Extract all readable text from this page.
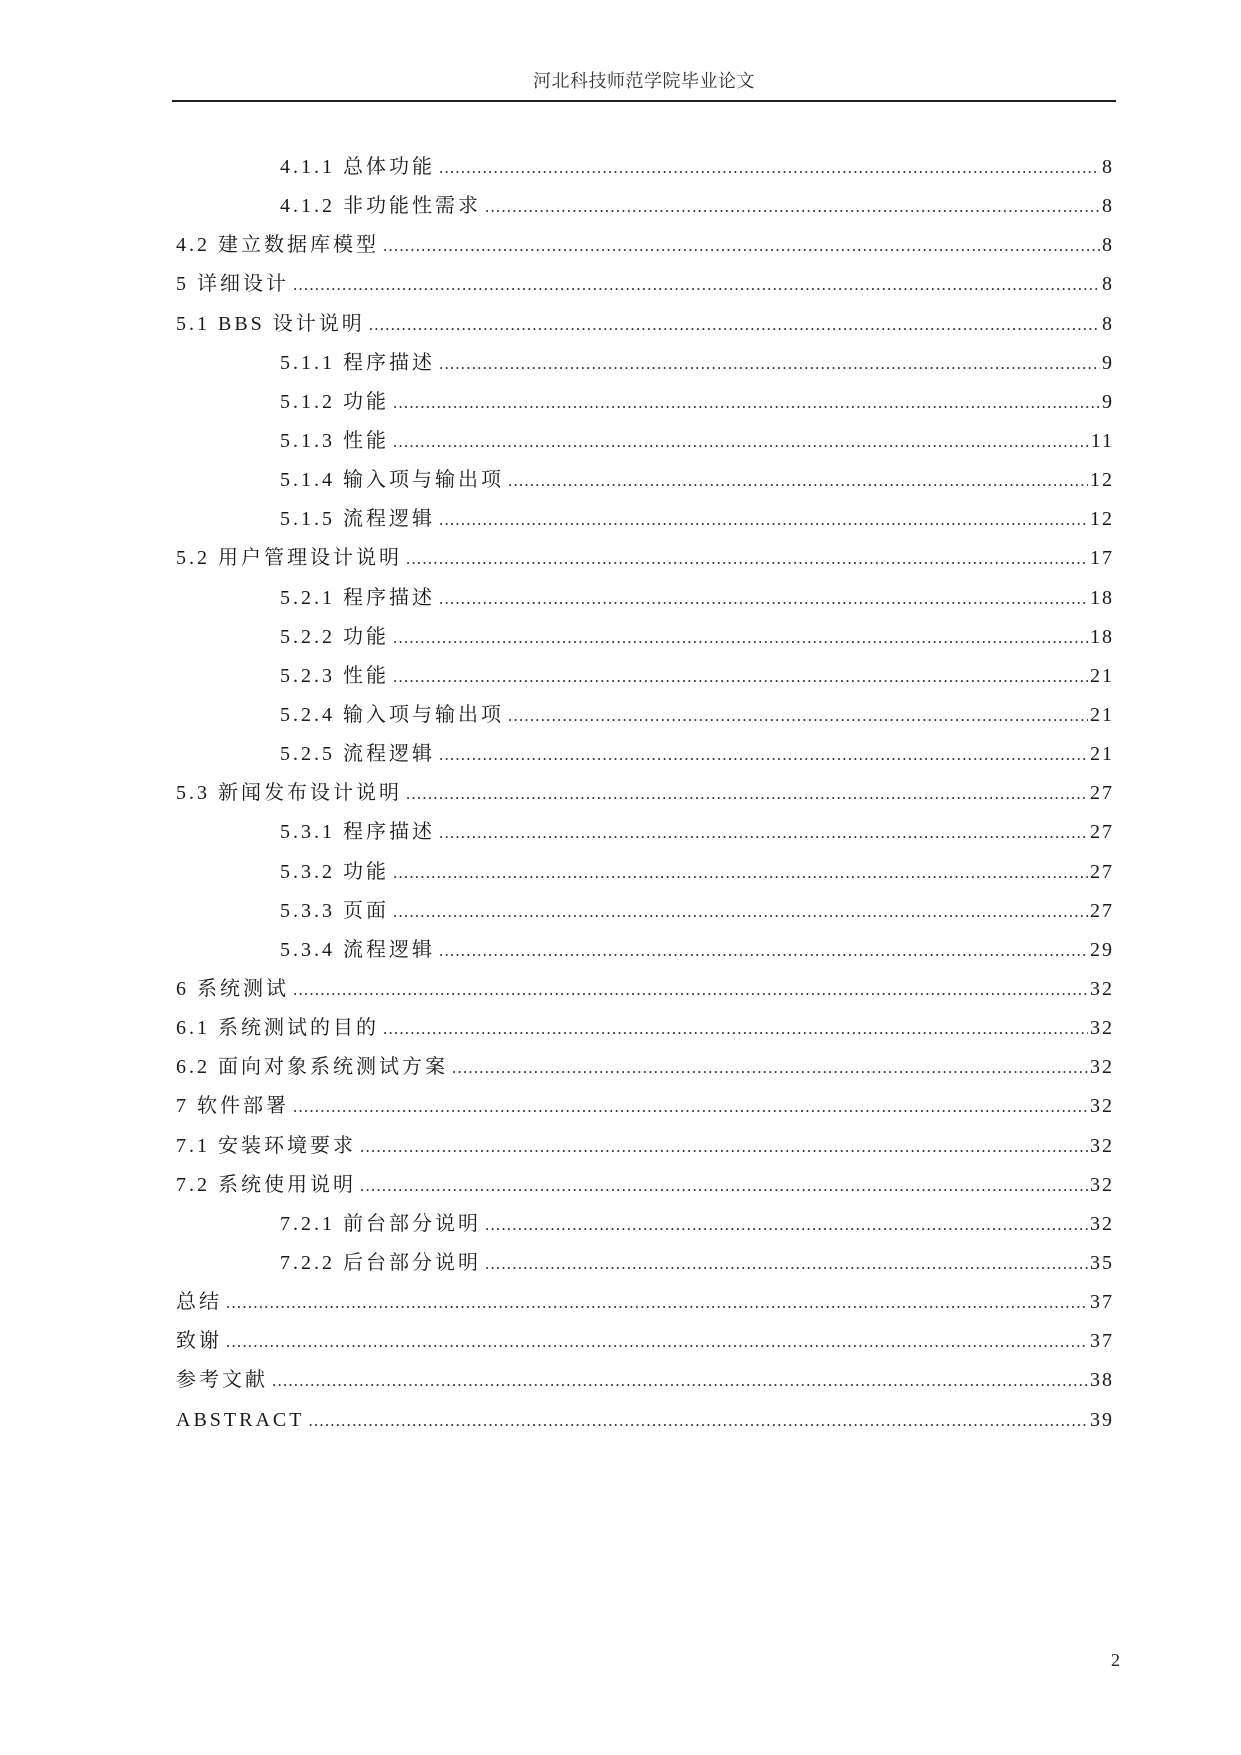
河北科技师范学院毕业论文
4.1.1 总体功能 .....	8
4.1.2 非功能性需求 .....	8
4.2 建立数据库模型 .....	8
5 详细设计 .....	8
5.1 BBS 设计说明 .....	8
5.1.1 程序描述 .....	9
5.1.2 功能 .....	9
5.1.3 性能 .....	11
5.1.4 输入项与输出项 .....	12
5.1.5 流程逻辑 .....	12
5.2 用户管理设计说明 .....	17
5.2.1 程序描述 .....	18
5.2.2 功能 .....	18
5.2.3 性能 .....	21
5.2.4 输入项与输出项 .....	21
5.2.5 流程逻辑 .....	21
5.3 新闻发布设计说明 .....	27
5.3.1 程序描述 .....	27
5.3.2 功能 .....	27
5.3.3 页面 .....	27
5.3.4 流程逻辑 .....	29
6 系统测试 .....	32
6.1 系统测试的目的 .....	32
6.2 面向对象系统测试方案 .....	32
7 软件部署 .....	32
7.1 安装环境要求 .....	32
7.2 系统使用说明 .....	32
7.2.1 前台部分说明 .....	32
7.2.2 后台部分说明 .....	35
总结 .....	37
致谢 .....	37
参考文献 .....	38
ABSTRACT .....	39
2
